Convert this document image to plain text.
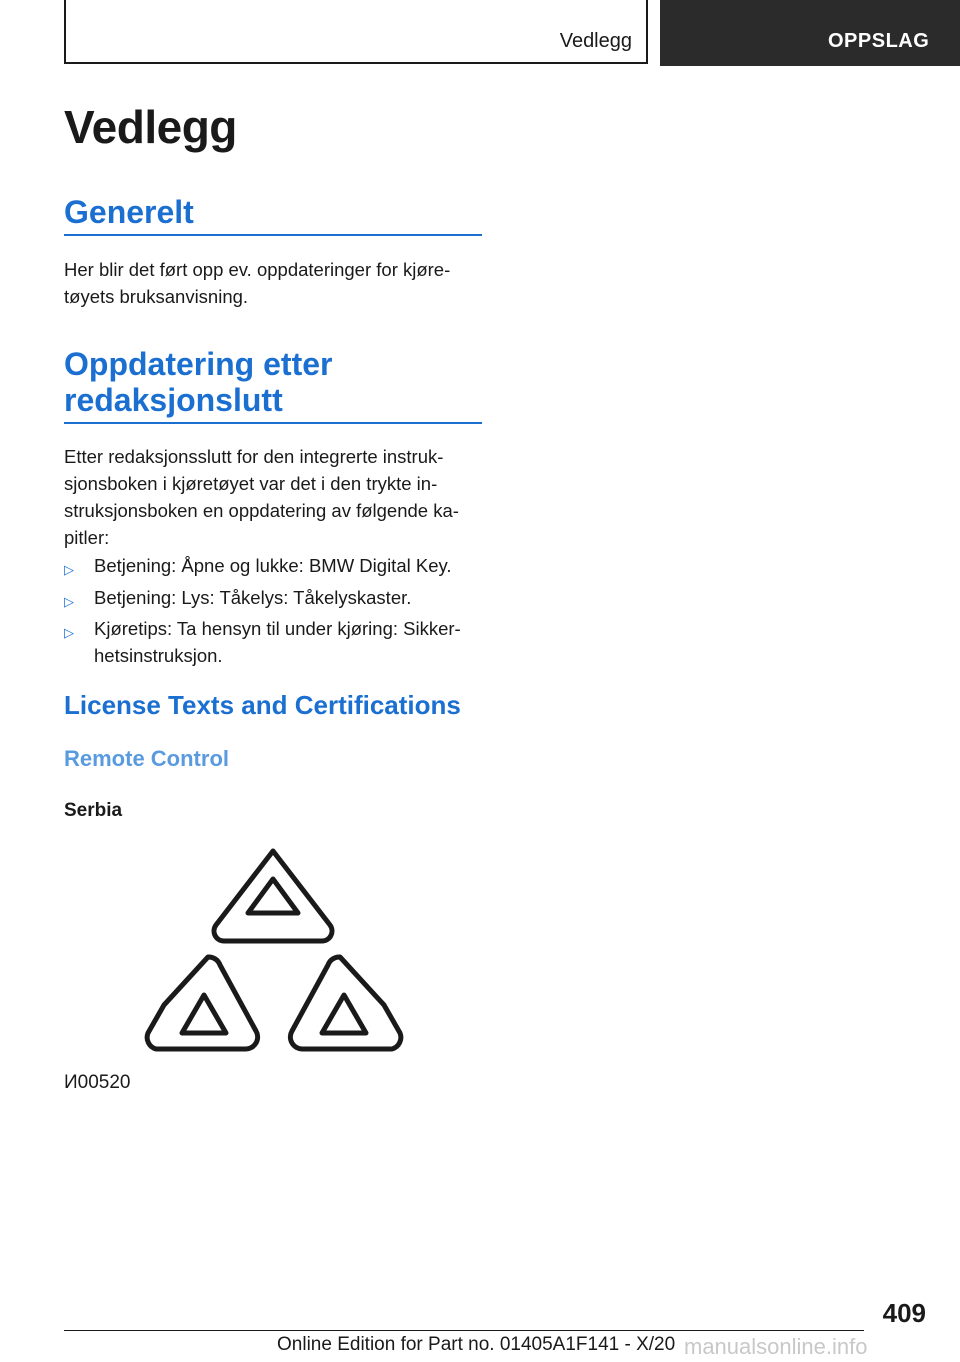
Vedlegg	OPPSLAG
Vedlegg
Generelt

Her blir det ført opp ev. oppdateringer for kjøre-
tøyets bruksanvisning.

Oppdatering etter
redaksjonslutt

Etter redaksjonsslutt for den integrerte instruk-
sjonsboken i kjøretøyet var det i den trykte in-
struksjonsboken en oppdatering av følgende ka-
pitler:

▷ Betjening: Åpne og lukke: BMW Digital Key.
▷ Betjening: Lys: Tåkelys: Tåkelyskaster.
▷ Kjøretips: Ta hensyn til under kjøring: Sikker-
hetsinstruksjon.
License Texts and Certifications
Remote Control
Serbia
И00520
409
Online Edition for Part no. 01405A1F141 - X/20 manualsonline.info
